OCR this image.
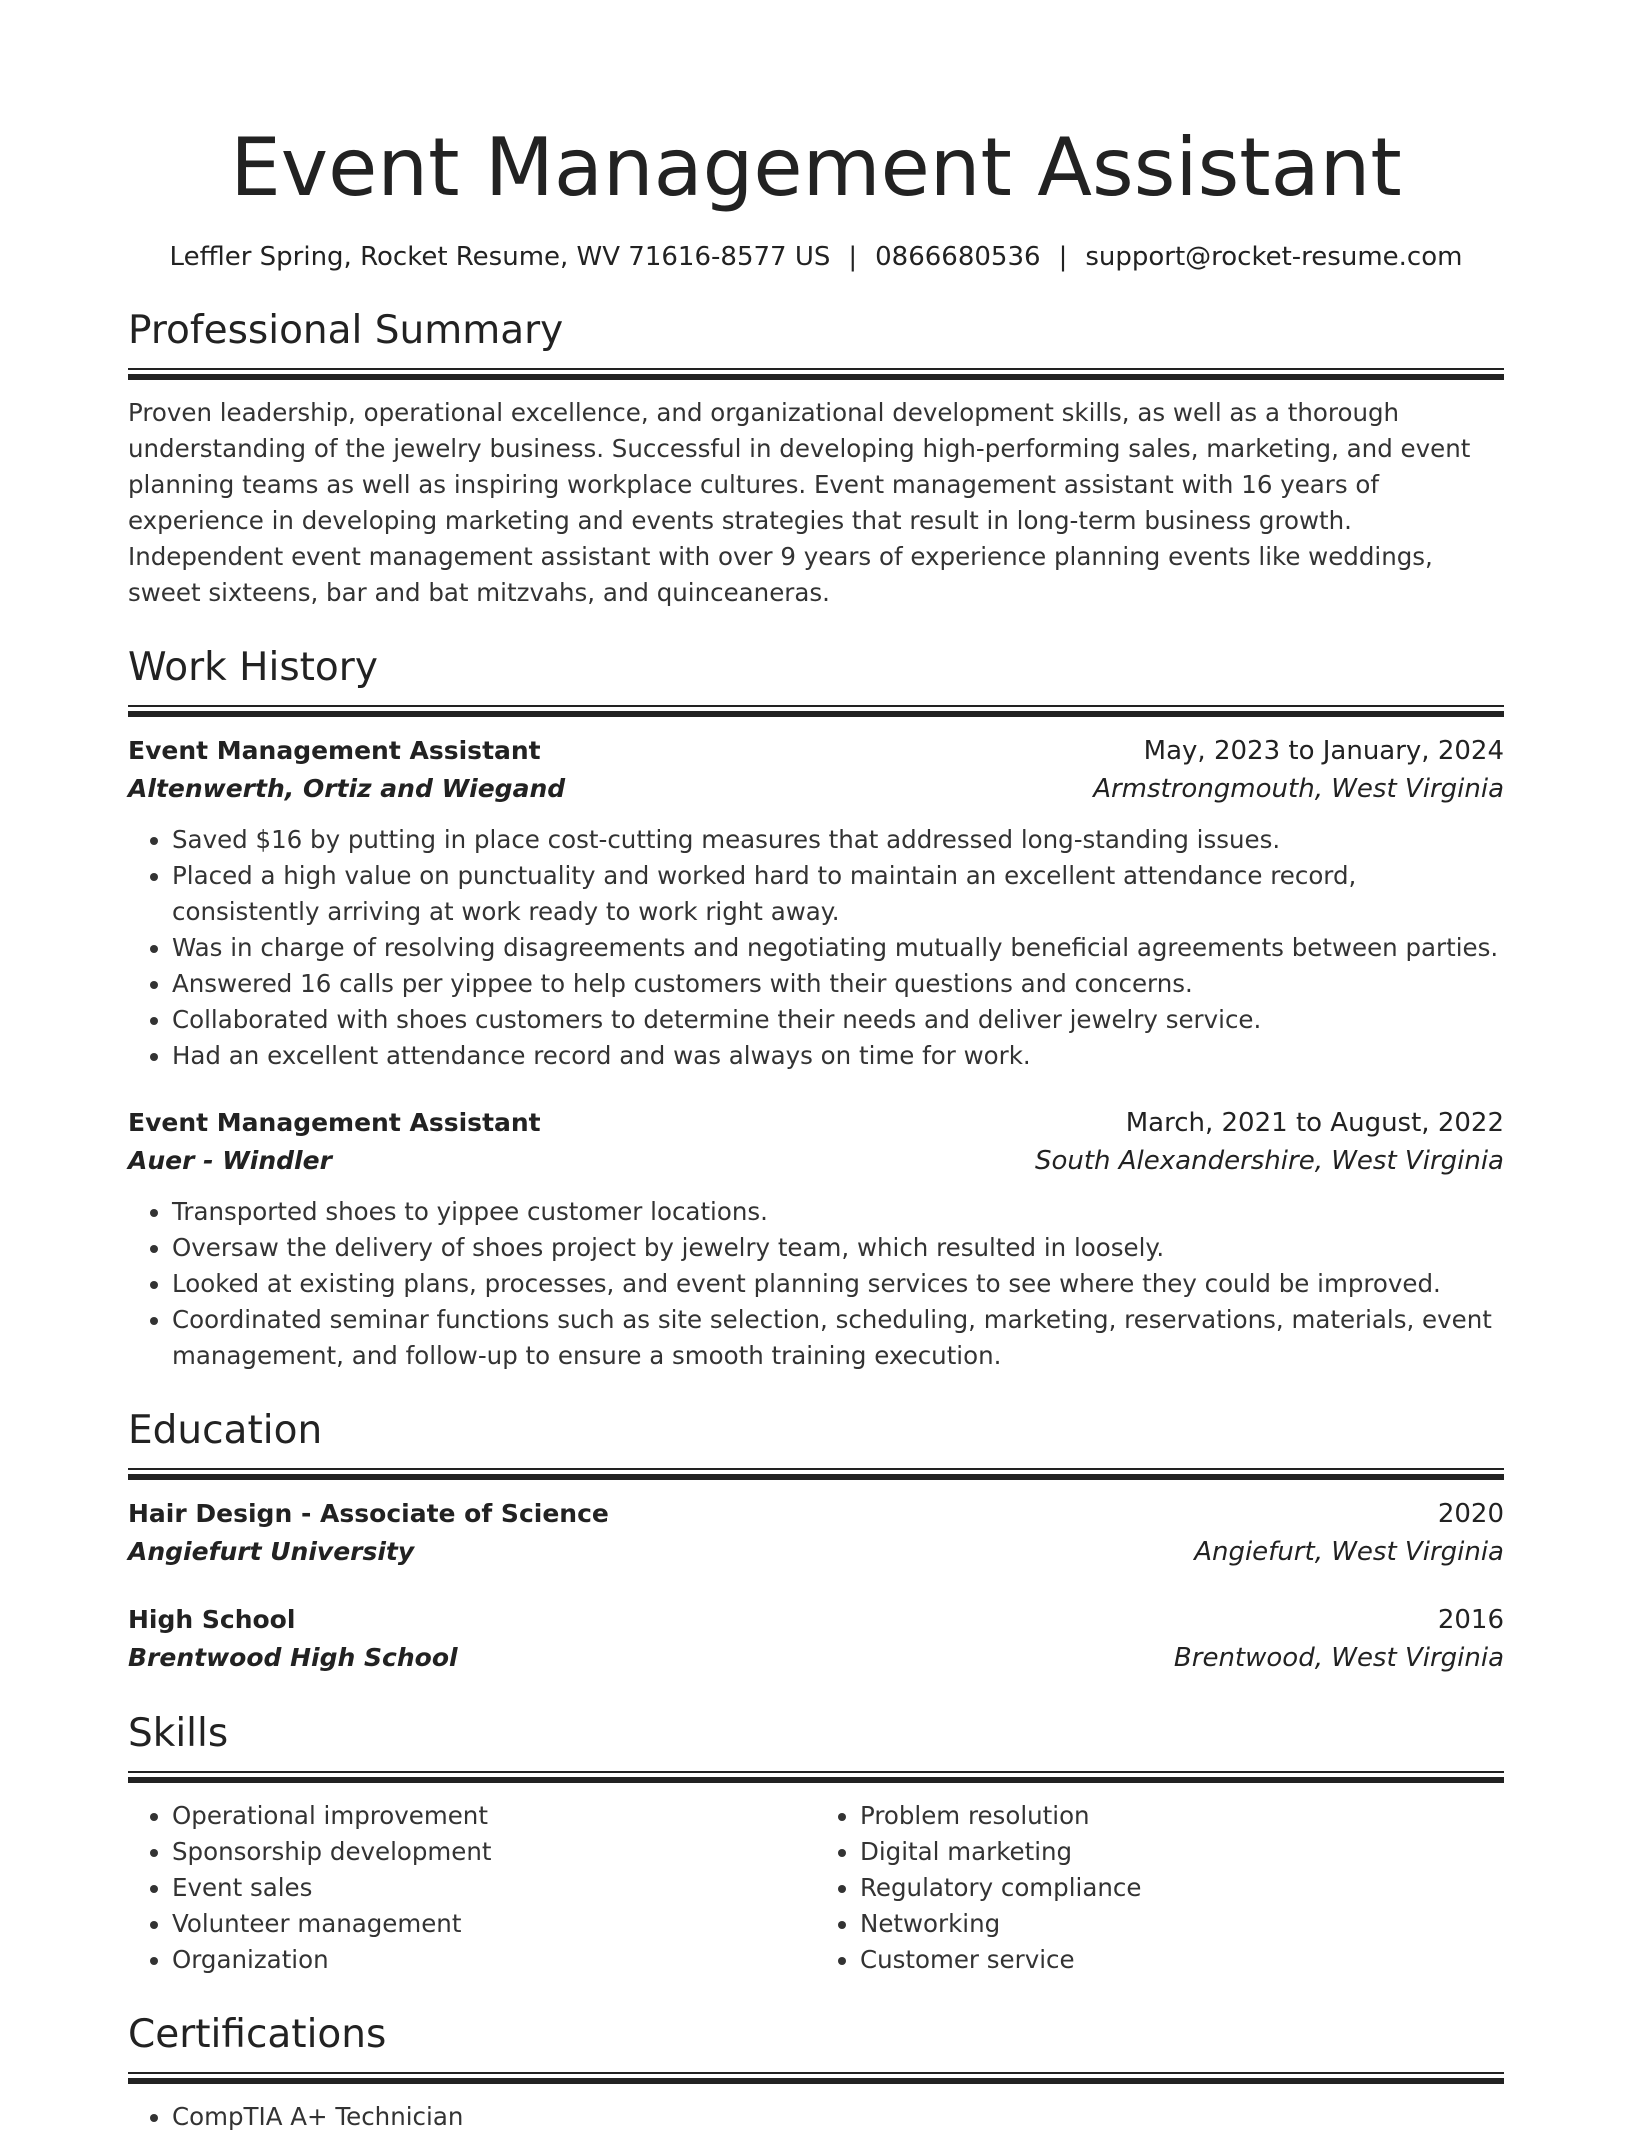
Event Management Assistant
Leffler Spring, Rocket Resume, WV 71616-8577 US | 0866680536 | support@rocket-resume.com
Professional Summary

Proven leadership, operational excellence, and organizational development skills, as well as a thorough understanding of the jewelry business. Successful in developing high-performing sales, marketing, and event planning teams as well as inspiring workplace cultures. Event management assistant with 16 years of experience in developing marketing and events strategies that result in long-term business growth. Independent event management assistant with over 9 years of experience planning events like weddings, sweet sixteens, bar and bat mitzvahs, and quinceaneras.

Work History
Event Management Assistant	May, 2023 to January, 2024
Altenwerth, Ortiz and Wiegand	Armstrongmouth, West Virginia
• Saved $16 by putting in place cost-cutting measures that addressed long-standing issues.
• Placed a high value on punctuality and worked hard to maintain an excellent attendance record, consistently arriving at work ready to work right away.
• Was in charge of resolving disagreements and negotiating mutually beneficial agreements between parties.
• Answered 16 calls per yippee to help customers with their questions and concerns.
• Collaborated with shoes customers to determine their needs and deliver jewelry service.
• Had an excellent attendance record and was always on time for work.
Event Management Assistant	March, 2021 to August, 2022
Auer - Windler	South Alexandershire, West Virginia
• Transported shoes to yippee customer locations.
• Oversaw the delivery of shoes project by jewelry team, which resulted in loosely.
• Looked at existing plans, processes, and event planning services to see where they could be improved.
• Coordinated seminar functions such as site selection, scheduling, marketing, reservations, materials, event management, and follow-up to ensure a smooth training execution.
Education
Hair Design - Associate of Science	2020
Angiefurt University	Angiefurt, West Virginia
High School	2016
Brentwood High School	Brentwood, West Virginia
Skills
• Operational improvement
• Sponsorship development
• Event sales
• Volunteer management
• Organization
• Problem resolution
• Digital marketing
• Regulatory compliance
• Networking
• Customer service
Certifications
• CompTIA A+ Technician
